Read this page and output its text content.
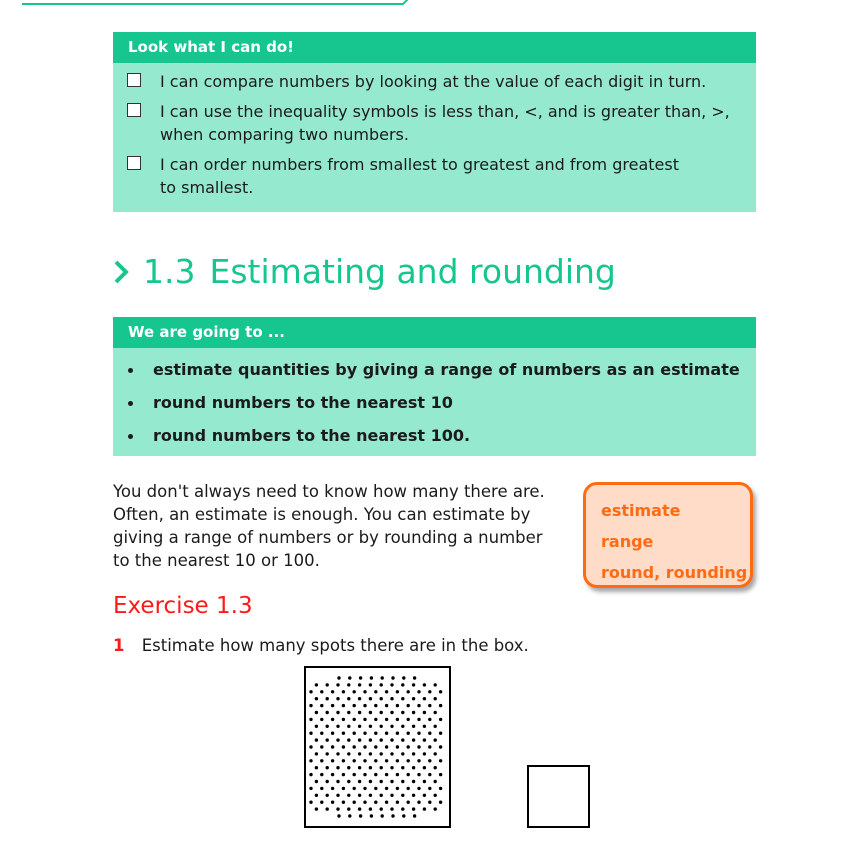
Look what I can do!
I can compare numbers by looking at the value of each digit in turn.
I can use the inequality symbols is less than, <, and is greater than, >, when comparing two numbers.
I can order numbers from smallest to greatest and from greatest to smallest.
1.3 Estimating and rounding
We are going to ...
estimate quantities by giving a range of numbers as an estimate
round numbers to the nearest 10
round numbers to the nearest 100.
You don't always need to know how many there are. Often, an estimate is enough. You can estimate by giving a range of numbers or by rounding a number to the nearest 10 or 100.
estimate
range
round, rounding
Exercise 1.3
1 Estimate how many spots there are in the box.
